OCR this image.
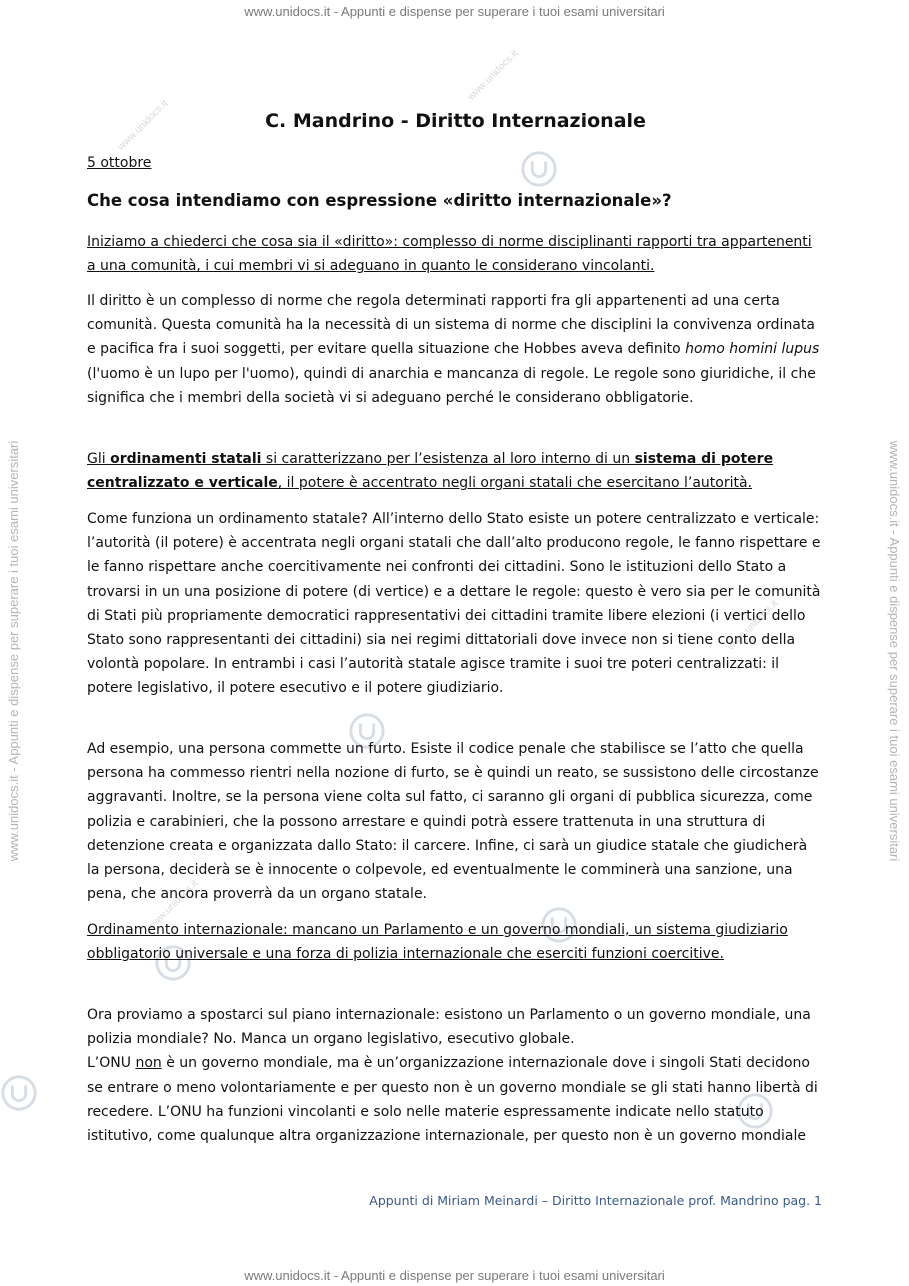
www.unidocs.it - Appunti e dispense per superare i tuoi esami universitari
www.unidocs.it - Appunti e dispense per superare i tuoi esami universitari
www.unidocs.it - Appunti e dispense per superare i tuoi esami universitari	www.unidocs.it - Appunti e dispense per superare i tuoi esami universitari
www.unidocs.it
www.unidocs.it
www.unidocs.it
www.unidocs.it
C. Mandrino - Diritto Internazionale
5 ottobre
Che cosa intendiamo con espressione «diritto internazionale»?

Iniziamo a chiederci che cosa sia il «diritto»: complesso di norme disciplinanti rapporti tra appartenenti a una comunità, i cui membri vi si adeguano in quanto le considerano vincolanti.

Il diritto è un complesso di norme che regola determinati rapporti fra gli appartenenti ad una certa comunità. Questa comunità ha la necessità di un sistema di norme che disciplini la convivenza ordinata e pacifica fra i suoi soggetti, per evitare quella situazione che Hobbes aveva definito homo homini lupus (l'uomo è un lupo per l'uomo), quindi di anarchia e mancanza di regole. Le regole sono giuridiche, il che significa che i membri della società vi si adeguano perché le considerano obbligatorie.

Gli ordinamenti statali si caratterizzano per l’esistenza al loro interno di un sistema di potere centralizzato e verticale, il potere è accentrato negli organi statali che esercitano l’autorità.

Come funziona un ordinamento statale? All’interno dello Stato esiste un potere centralizzato e verticale: l’autorità (il potere) è accentrata negli organi statali che dall’alto producono regole, le fanno rispettare e le fanno rispettare anche coercitivamente nei confronti dei cittadini. Sono le istituzioni dello Stato a trovarsi in un una posizione di potere (di vertice) e a dettare le regole: questo è vero sia per le comunità di Stati più propriamente democratici rappresentativi dei cittadini tramite libere elezioni (i vertici dello Stato sono rappresentanti dei cittadini) sia nei regimi dittatoriali dove invece non si tiene conto della volontà popolare. In entrambi i casi l’autorità statale agisce tramite i suoi tre poteri centralizzati: il potere legislativo, il potere esecutivo e il potere giudiziario.

Ad esempio, una persona commette un furto. Esiste il codice penale che stabilisce se l’atto che quella persona ha commesso rientri nella nozione di furto, se è quindi un reato, se sussistono delle circostanze aggravanti. Inoltre, se la persona viene colta sul fatto, ci saranno gli organi di pubblica sicurezza, come polizia e carabinieri, che la possono arrestare e quindi potrà essere trattenuta in una struttura di detenzione creata e organizzata dallo Stato: il carcere. Infine, ci sarà un giudice statale che giudicherà la persona, deciderà se è innocente o colpevole, ed eventualmente le comminerà una sanzione, una pena, che ancora proverrà da un organo statale.

Ordinamento internazionale: mancano un Parlamento e un governo mondiali, un sistema giudiziario obbligatorio universale e una forza di polizia internazionale che eserciti funzioni coercitive.

Ora proviamo a spostarci sul piano internazionale: esistono un Parlamento o un governo mondiale, una polizia mondiale? No. Manca un organo legislativo, esecutivo globale.
L’ONU non è un governo mondiale, ma è un’organizzazione internazionale dove i singoli Stati decidono se entrare o meno volontariamente e per questo non è un governo mondiale se gli stati hanno libertà di recedere. L’ONU ha funzioni vincolanti e solo nelle materie espressamente indicate nello statuto istitutivo, come qualunque altra organizzazione internazionale, per questo non è un governo mondiale

Appunti di Miriam Meinardi – Diritto Internazionale prof. Mandrino pag. 1
